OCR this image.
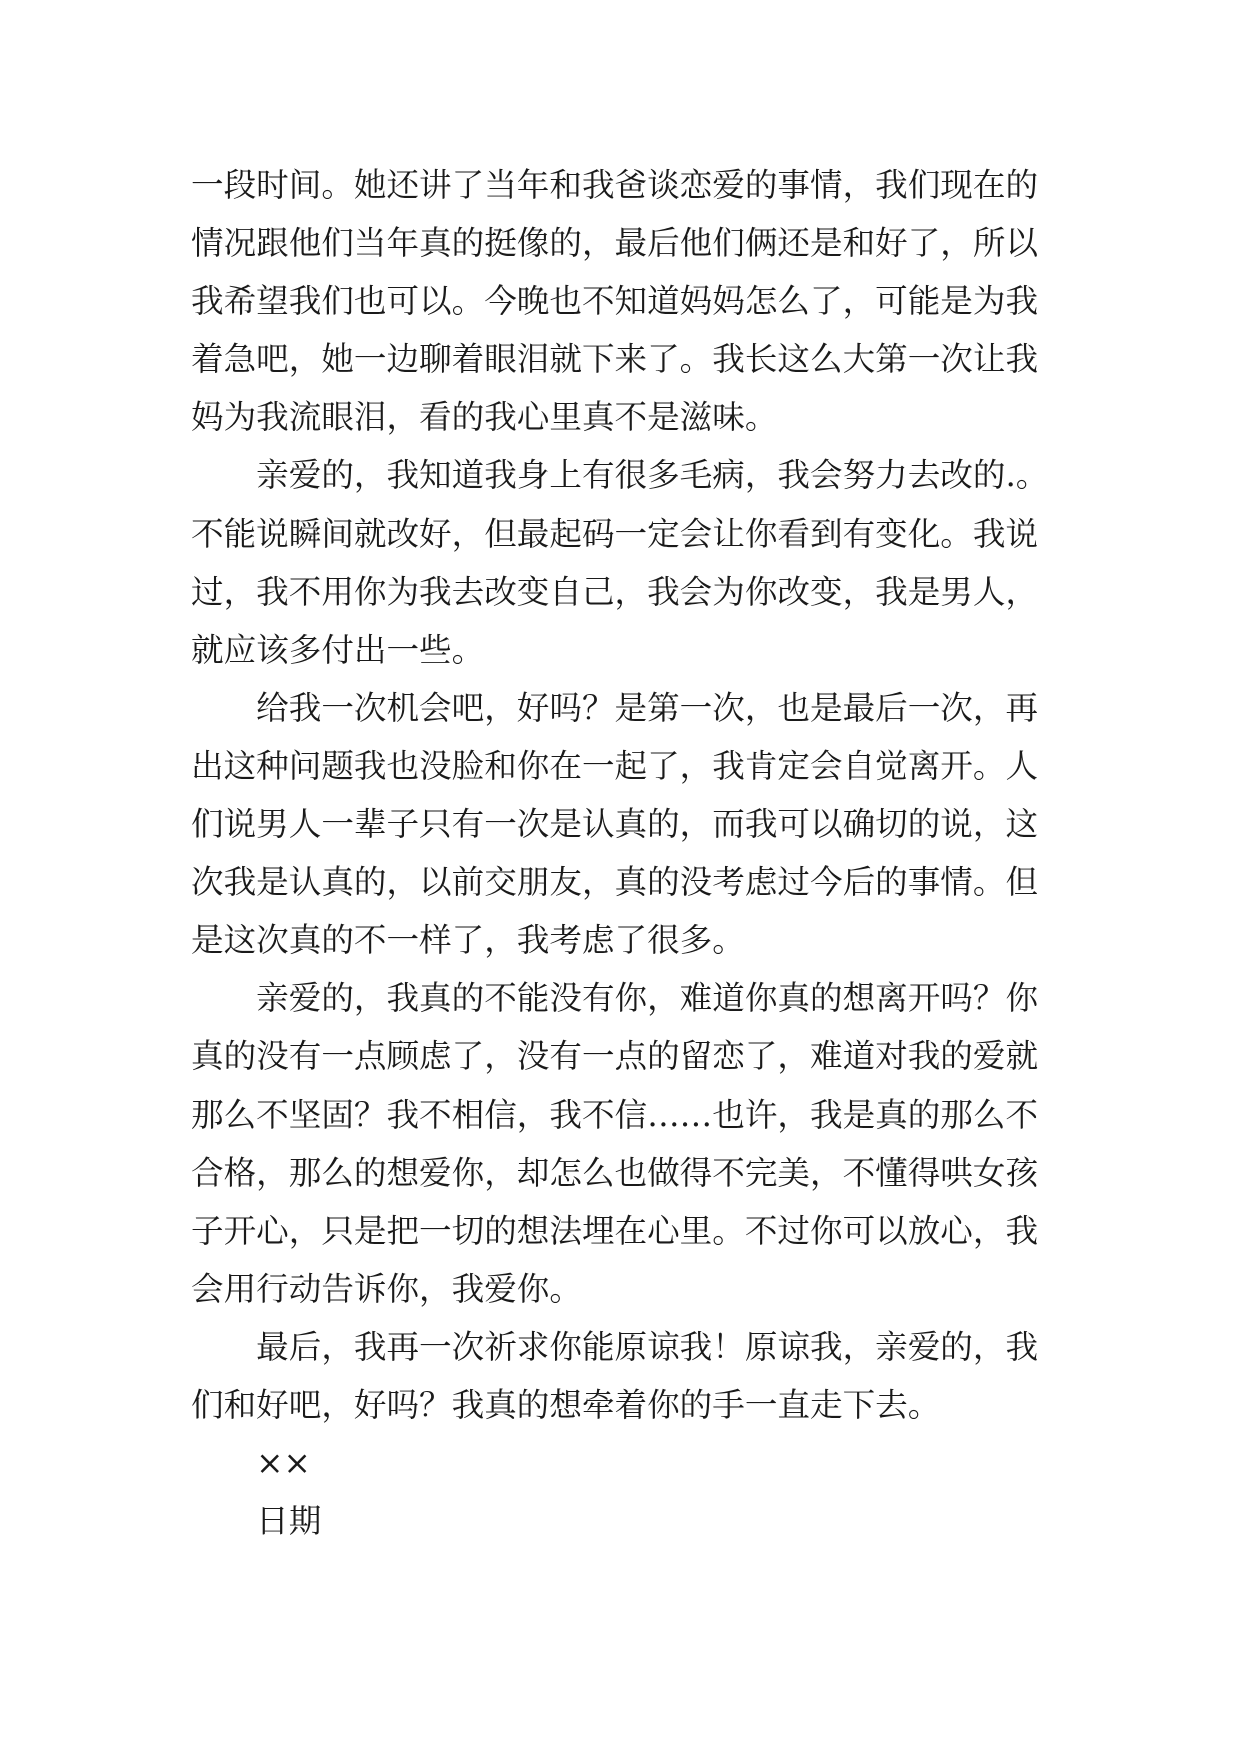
一段时间。她还讲了当年和我爸谈恋爱的事情，我们现在的
情况跟他们当年真的挺像的，最后他们俩还是和好了，所以
我希望我们也可以。今晚也不知道妈妈怎么了，可能是为我
着急吧，她一边聊着眼泪就下来了。我长这么大第一次让我
妈为我流眼泪，看的我心里真不是滋味。
　　亲爱的，我知道我身上有很多毛病，我会努力去改的.。
不能说瞬间就改好，但最起码一定会让你看到有变化。我说
过，我不用你为我去改变自己，我会为你改变，我是男人，
就应该多付出一些。
　　给我一次机会吧，好吗？是第一次，也是最后一次，再
出这种问题我也没脸和你在一起了，我肯定会自觉离开。人
们说男人一辈子只有一次是认真的，而我可以确切的说，这
次我是认真的，以前交朋友，真的没考虑过今后的事情。但
是这次真的不一样了，我考虑了很多。
　　亲爱的，我真的不能没有你，难道你真的想离开吗？你
真的没有一点顾虑了，没有一点的留恋了，难道对我的爱就
那么不坚固？我不相信，我不信……也许，我是真的那么不
合格，那么的想爱你，却怎么也做得不完美，不懂得哄女孩
子开心，只是把一切的想法埋在心里。不过你可以放心，我
会用行动告诉你，我爱你。
　　最后，我再一次祈求你能原谅我！原谅我，亲爱的，我
们和好吧，好吗？我真的想牵着你的手一直走下去。
　　××
　　日期
